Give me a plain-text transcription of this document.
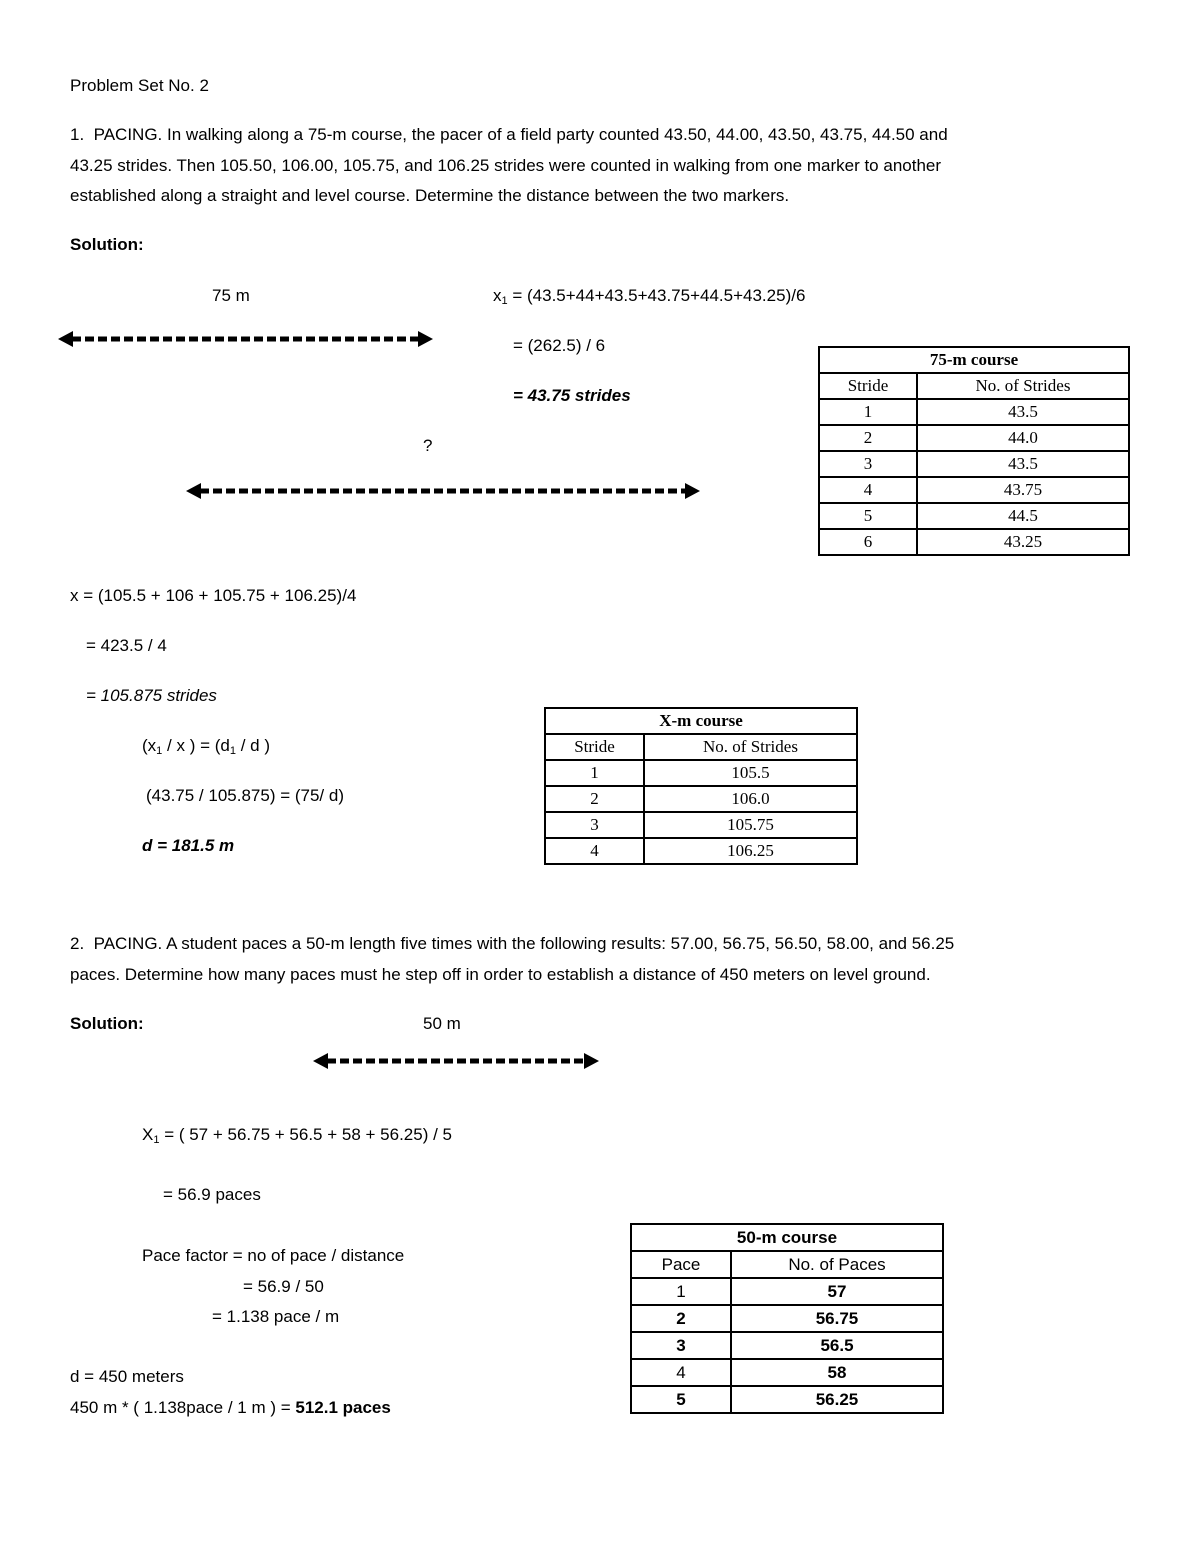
Problem Set No. 2
1. PACING. In walking along a 75-m course, the pacer of a field party counted 43.50, 44.00, 43.50, 43.75, 44.50 and
43.25 strides. Then 105.50, 106.00, 105.75, and 106.25 strides were counted in walking from one marker to another
established along a straight and level course. Determine the distance between the two markers.
Solution:
75 m
?
$x_1 = (43.5+44+43.5+43.75+44.5+43.25)/6$
= (262.5) / 6
= 43.75 strides
75-m course	
Stride	No. of Strides
1	43.5
2	44.0
3	43.5
4	43.75
5	44.5
6	43.25
x = (105.5 + 106 + 105.75 + 106.25)/4
= 423.5 / 4
= 105.875 strides
($x_1$ / x ) = ($d_1$ / d )
(43.75 / 105.875) = (75/ d)
d = 181.5 m
X-m course	
Stride	No. of Strides
1	105.5
2	106.0
3	105.75
4	106.25
2. PACING. A student paces a 50-m length five times with the following results: 57.00, 56.75, 56.50, 58.00, and 56.25
paces. Determine how many paces must he step off in order to establish a distance of 450 meters on level ground.
Solution:	50 m
$X_1$ = ( 57 + 56.75 + 56.5 + 58 + 56.25) / 5
= 56.9 paces
Pace factor = no of pace / distance
= 56.9 / 50
= 1.138 pace / m
d = 450 meters
450 m * ( 1.138pace / 1 m ) = 512.1 paces
50-m course	
Pace	No. of Paces
1	57
2	56.75
3	56.5
4	58
5	56.25
